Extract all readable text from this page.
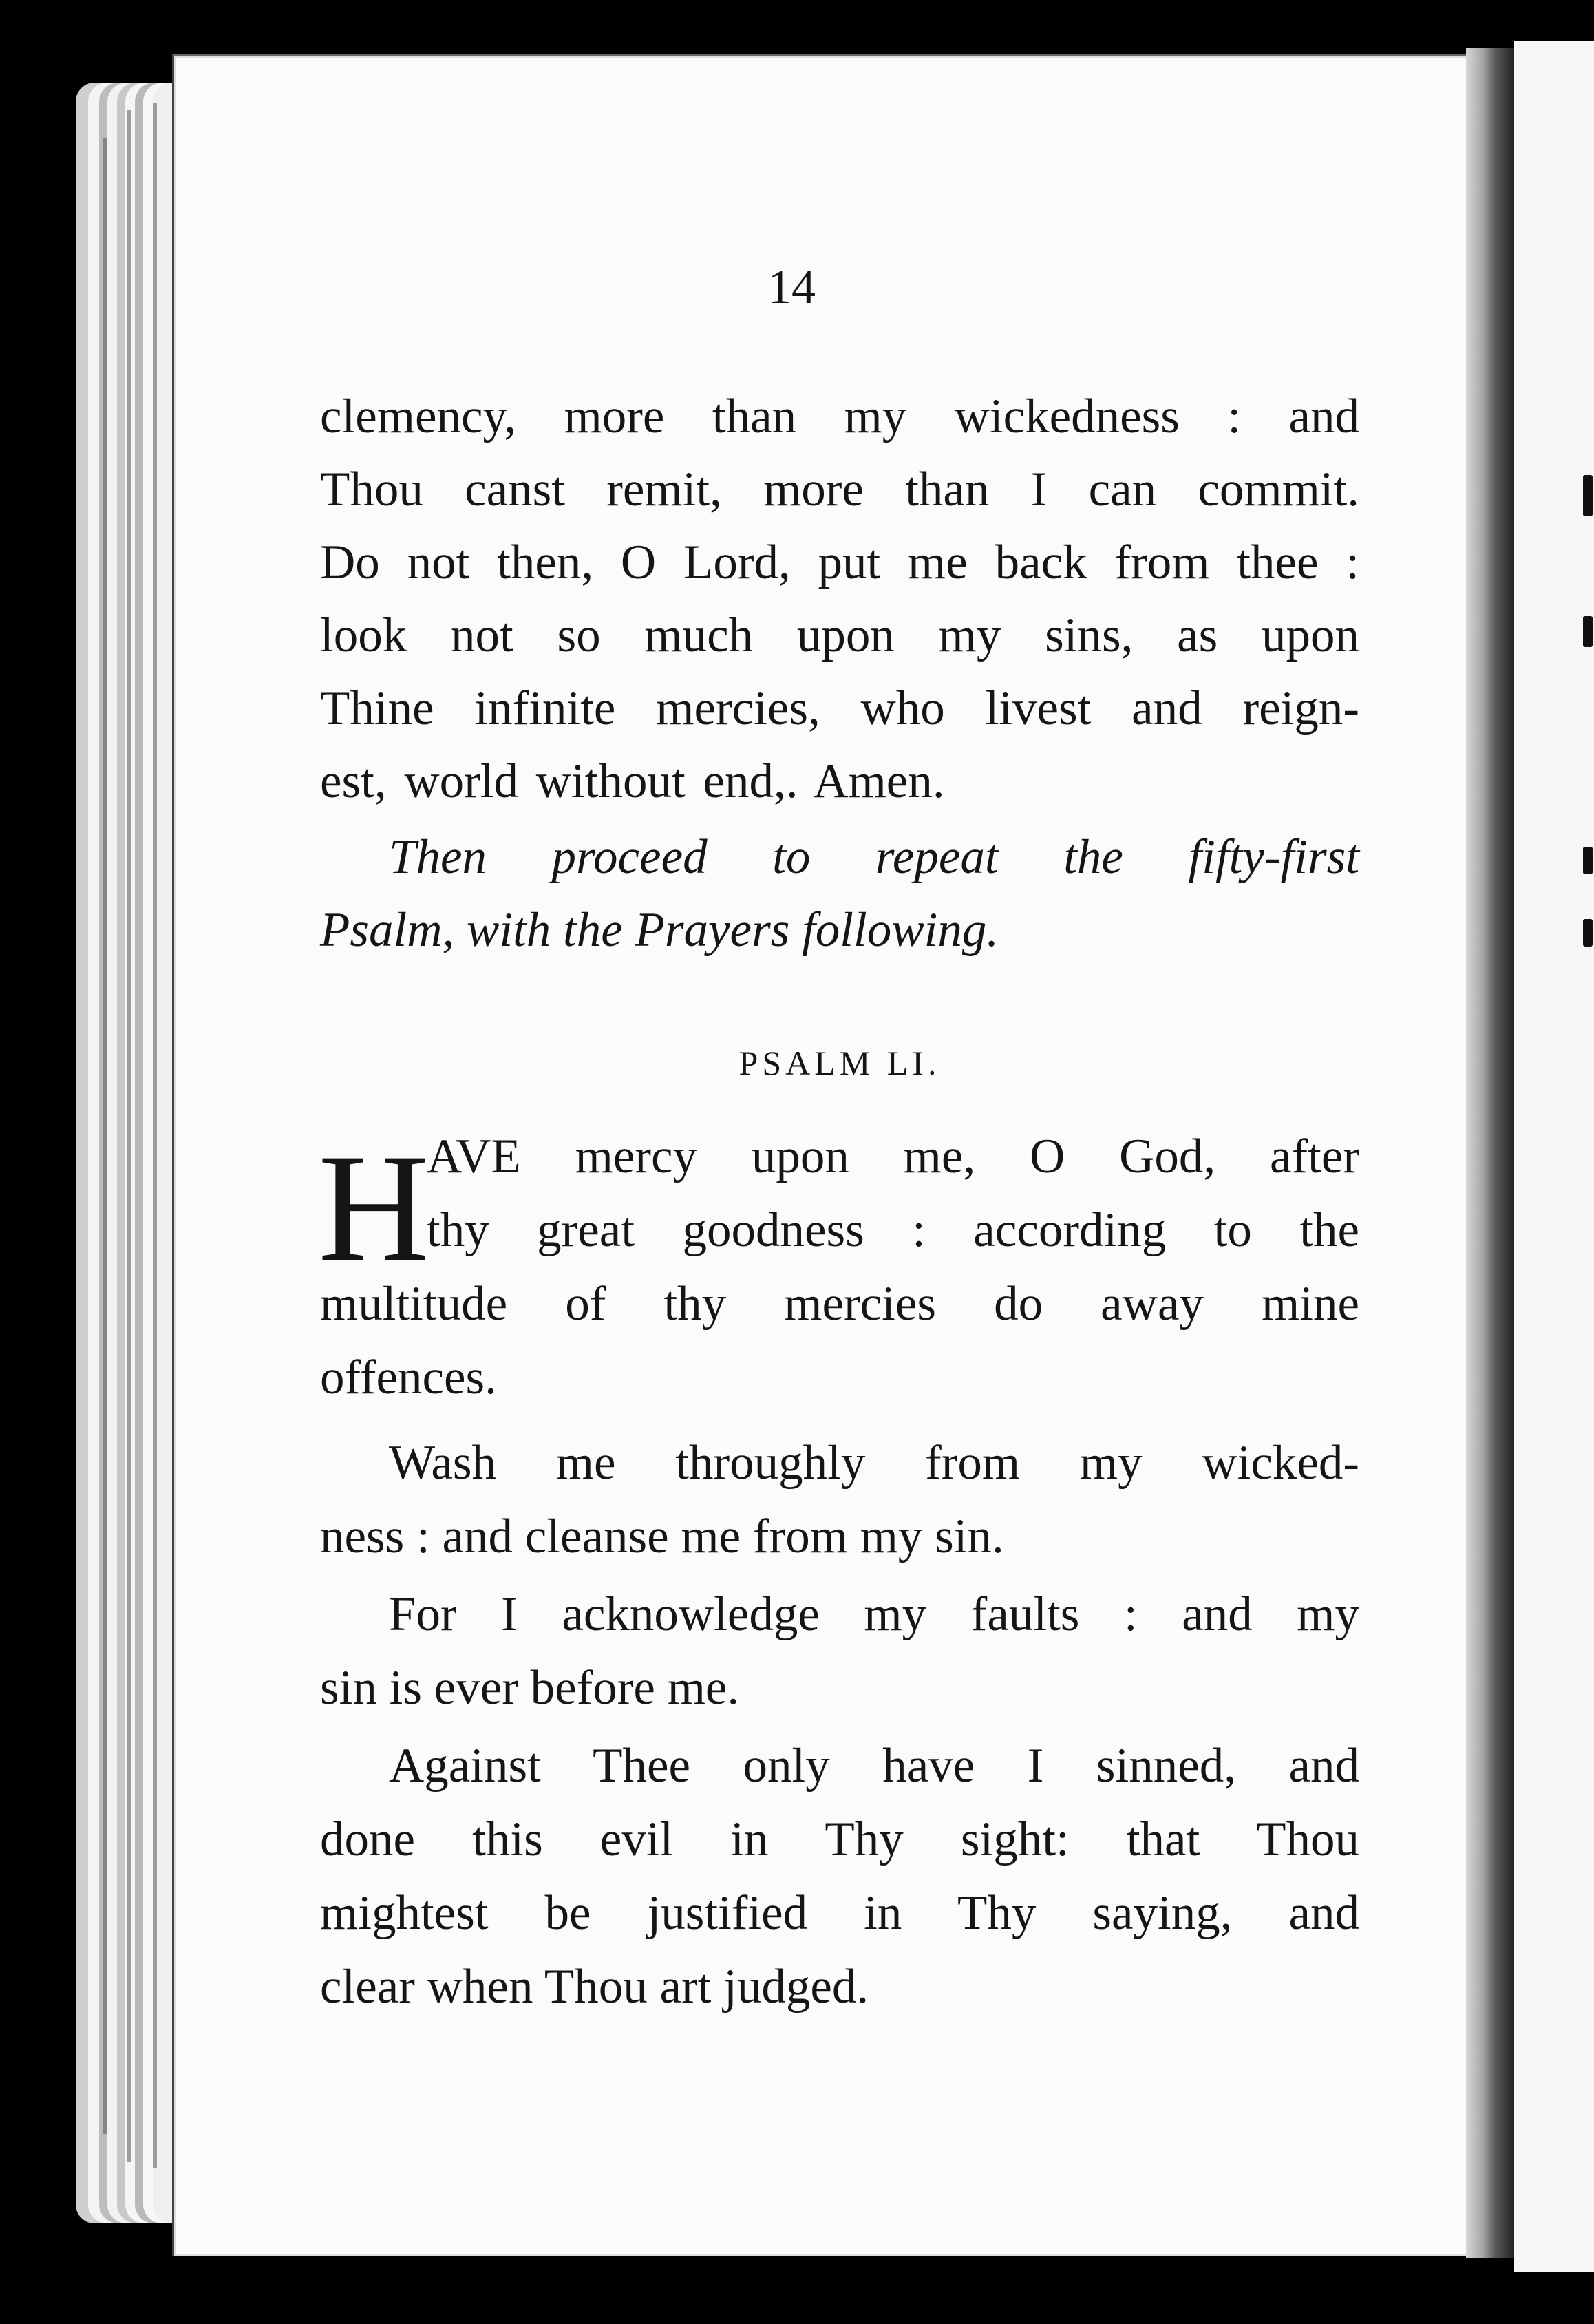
14

clemency, more than my wickedness : and

Thou canst remit, more than I can commit.

Do not then, O Lord, put me back from thee :

look not so much upon my sins, as upon

Thine infinite mercies, who livest and reign-

est, world without end,. Amen.

Then proceed to repeat the fifty-first

Psalm, with the Prayers following.

PSALM LI.

H

AVE mercy upon me, O God, after

thy great goodness : according to the

multitude of thy mercies do away mine

offences.

Wash me throughly from my wicked-

ness : and cleanse me from my sin.

For I acknowledge my faults : and my

sin is ever before me.

Against Thee only have I sinned, and

done this evil in Thy sight: that Thou

mightest be justified in Thy saying, and

clear when Thou art judged.
